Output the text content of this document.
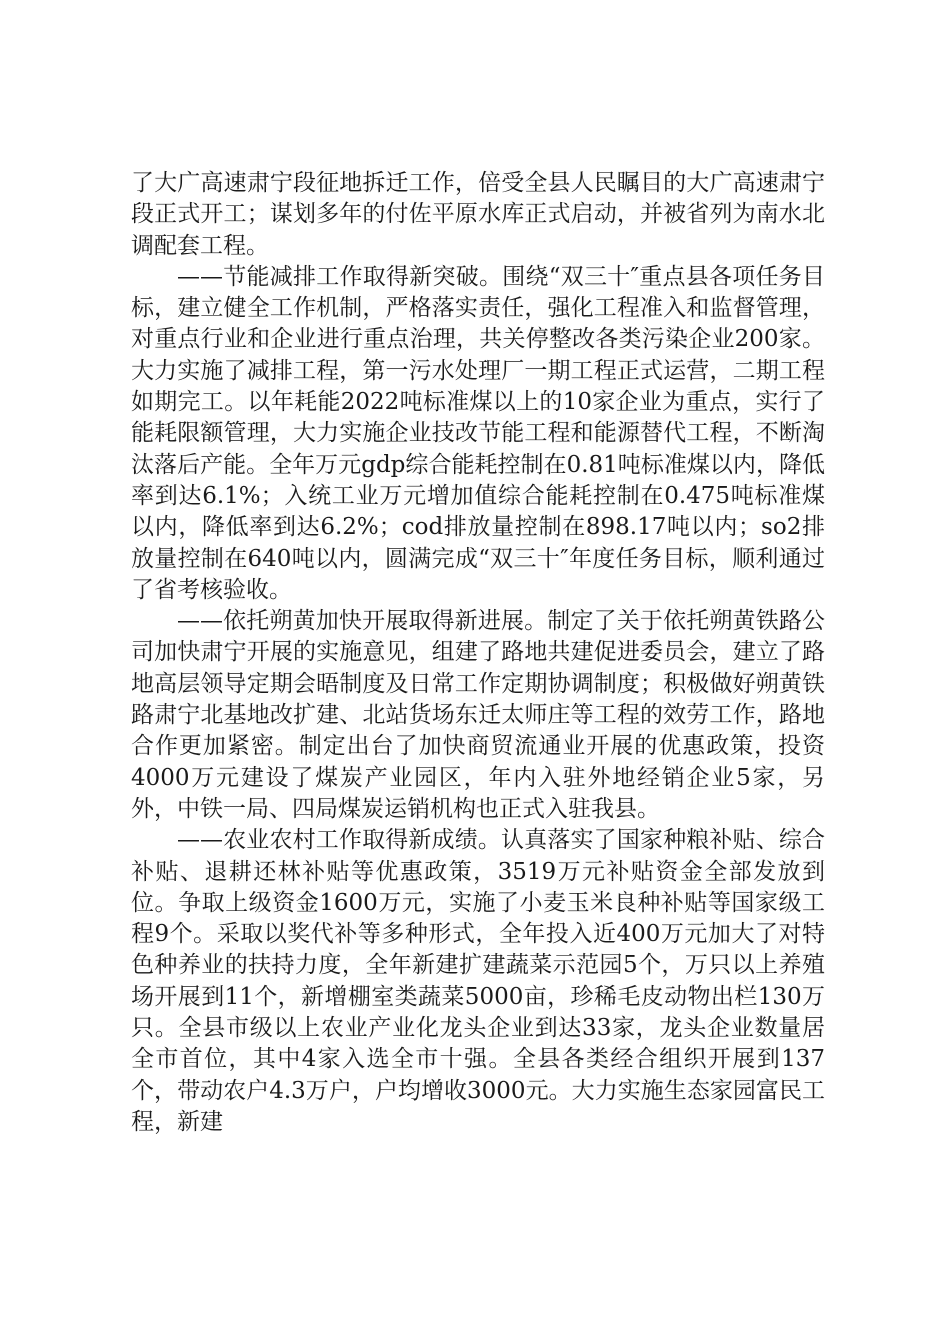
了大广高速肃宁段征地拆迁工作，倍受全县人民瞩目的大广高速肃宁段正式开工；谋划多年的付佐平原水库正式启动，并被省列为南水北调配套工程。

——节能减排工作取得新突破。围绕“双三十″重点县各项任务目标，建立健全工作机制，严格落实责任，强化工程准入和监督管理，对重点行业和企业进行重点治理，共关停整改各类污染企业200家。大力实施了减排工程，第一污水处理厂一期工程正式运营，二期工程如期完工。以年耗能2022吨标准煤以上的10家企业为重点，实行了能耗限额管理，大力实施企业技改节能工程和能源替代工程，不断淘汰落后产能。全年万元gdp综合能耗控制在0.81吨标准煤以内，降低率到达6.1%；入统工业万元增加值综合能耗控制在0.475吨标准煤以内，降低率到达6.2%；cod排放量控制在898.17吨以内；so2排放量控制在640吨以内，圆满完成“双三十″年度任务目标，顺利通过了省考核验收。

——依托朔黄加快开展取得新进展。制定了关于依托朔黄铁路公司加快肃宁开展的实施意见，组建了路地共建促进委员会，建立了路地高层领导定期会晤制度及日常工作定期协调制度；积极做好朔黄铁路肃宁北基地改扩建、北站货场东迁太师庄等工程的效劳工作，路地合作更加紧密。制定出台了加快商贸流通业开展的优惠政策，投资4000万元建设了煤炭产业园区，年内入驻外地经销企业5家，另外，中铁一局、四局煤炭运销机构也正式入驻我县。

——农业农村工作取得新成绩。认真落实了国家种粮补贴、综合补贴、退耕还林补贴等优惠政策，3519万元补贴资金全部发放到位。争取上级资金1600万元，实施了小麦玉米良种补贴等国家级工程9个。采取以奖代补等多种形式，全年投入近400万元加大了对特色种养业的扶持力度，全年新建扩建蔬菜示范园5个，万只以上养殖场开展到11个，新增棚室类蔬菜5000亩，珍稀毛皮动物出栏130万只。全县市级以上农业产业化龙头企业到达33家，龙头企业数量居全市首位，其中4家入选全市十强。全县各类经合组织开展到137个，带动农户4.3万户，户均增收3000元。大力实施生态家园富民工程，新建
